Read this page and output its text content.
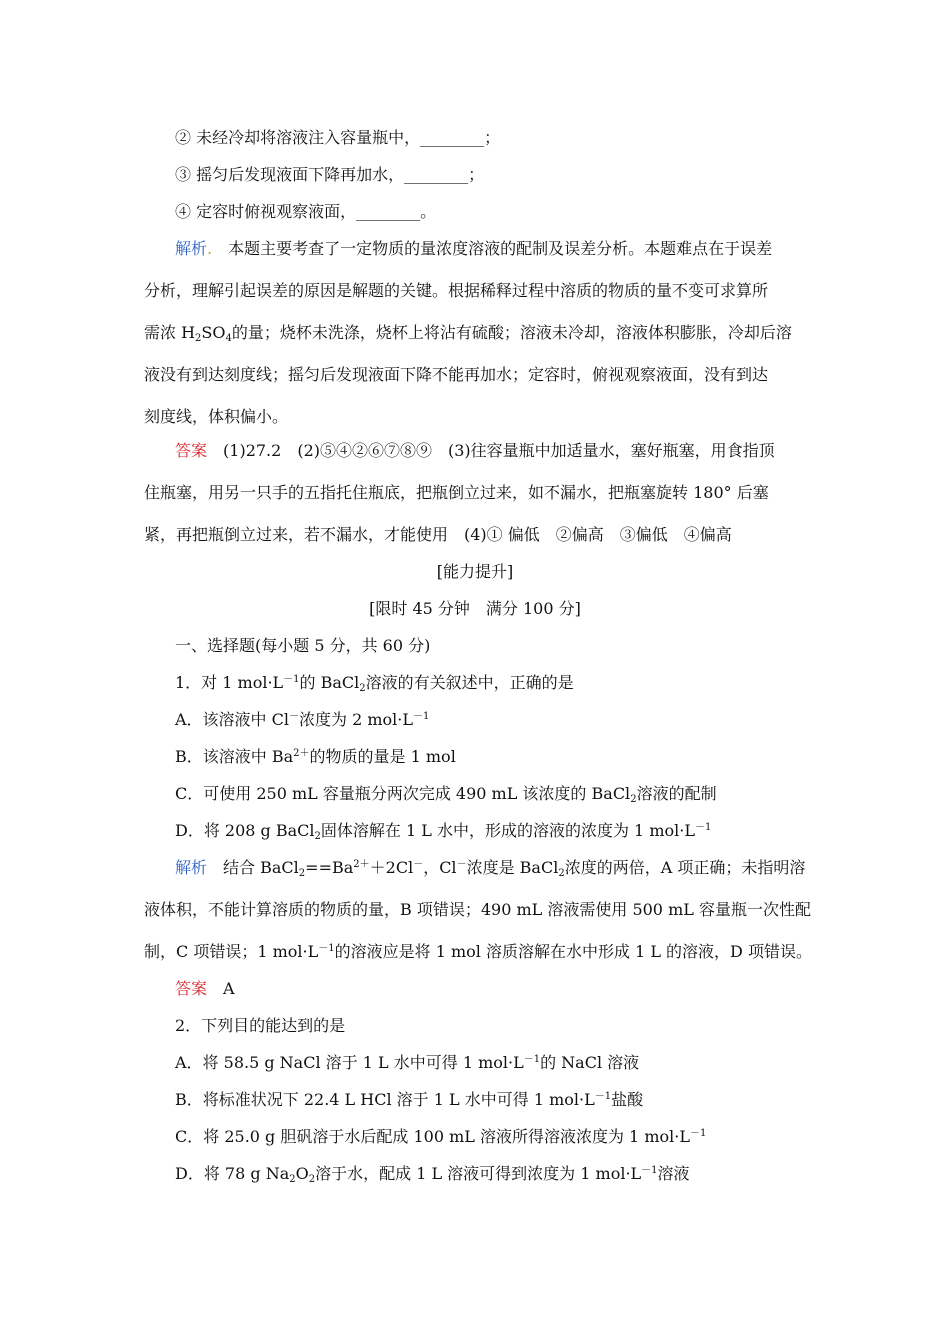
② 未经冷却将溶液注入容量瓶中，________；
③ 摇匀后发现液面下降再加水，________；
④ 定容时俯视观察液面，________。
解析.　 本题主要考查了一定物质的量浓度溶液的配制及误差分析。本题难点在于误差
分析，理解引起误差的原因是解题的关键。根据稀释过程中溶质的物质的量不变可求算所
需浓 $H_2SO_4$的量；烧杯未洗涤，烧杯上将沾有硫酸；溶液未冷却，溶液体积膨胀，冷却后溶
液没有到达刻度线；摇匀后发现液面下降不能再加水；定容时，俯视观察液面，没有到达
刻度线，体积偏小。
答案　 (1)27.2　(2)⑤④②⑥⑦⑧⑨　(3)往容量瓶中加适量水，塞好瓶塞，用食指顶
住瓶塞，用另一只手的五指托住瓶底，把瓶倒立过来，如不漏水，把瓶塞旋转 180° 后塞
紧，再把瓶倒立过来，若不漏水，才能使用　(4)① 偏低　②偏高　③偏低　④偏高
[能力提升]
[限时 45 分钟　满分 100 分]
一、选择题(每小题 5 分，共 60 分)
1．对 1 $mol\cdot L^{-1}$的 BaCl$_2$溶液的有关叙述中，正确的是
A．该溶液中 Cl－浓度为 2 $mol\cdot L^{-1}$
B．该溶液中 $Ba^{2+}$的物质的量是 1 mol
C．可使用 250 mL 容量瓶分两次完成 490 mL 该浓度的 BaCl$_2$溶液的配制
D．将 208 g BaCl$_2$固体溶解在 1 L 水中，形成的溶液的浓度为 1 $mol\cdot L^{-1}$
解析　 结合 $BaCl_2==Ba^{2+}+2Cl^-$，Cl－浓度是 BaCl$_2$浓度的两倍，A 项正确；未指明溶
液体积，不能计算溶质的物质的量，B 项错误；490 mL 溶液需使用 500 mL 容量瓶一次性配
制，C 项错误；1 $mol\cdot L^{-1}$的溶液应是将 1 mol 溶质溶解在水中形成 1 L 的溶液，D 项错误。
答案　 A
2．下列目的能达到的是
A．将 58.5 g NaCl 溶于 1 L 水中可得 1 $mol\cdot L^{-1}$的 NaCl 溶液
B．将标准状况下 22.4 L HCl 溶于 1 L 水中可得 1 $mol\cdot L^{-1}$盐酸
C．将 25.0 g 胆矾溶于水后配成 100 mL 溶液所得溶液浓度为 1 $mol\cdot L^{-1}$
D．将 78 g $Na_2O_2$溶于水，配成 1 L 溶液可得到浓度为 1 $mol\cdot L^{-1}$溶液
